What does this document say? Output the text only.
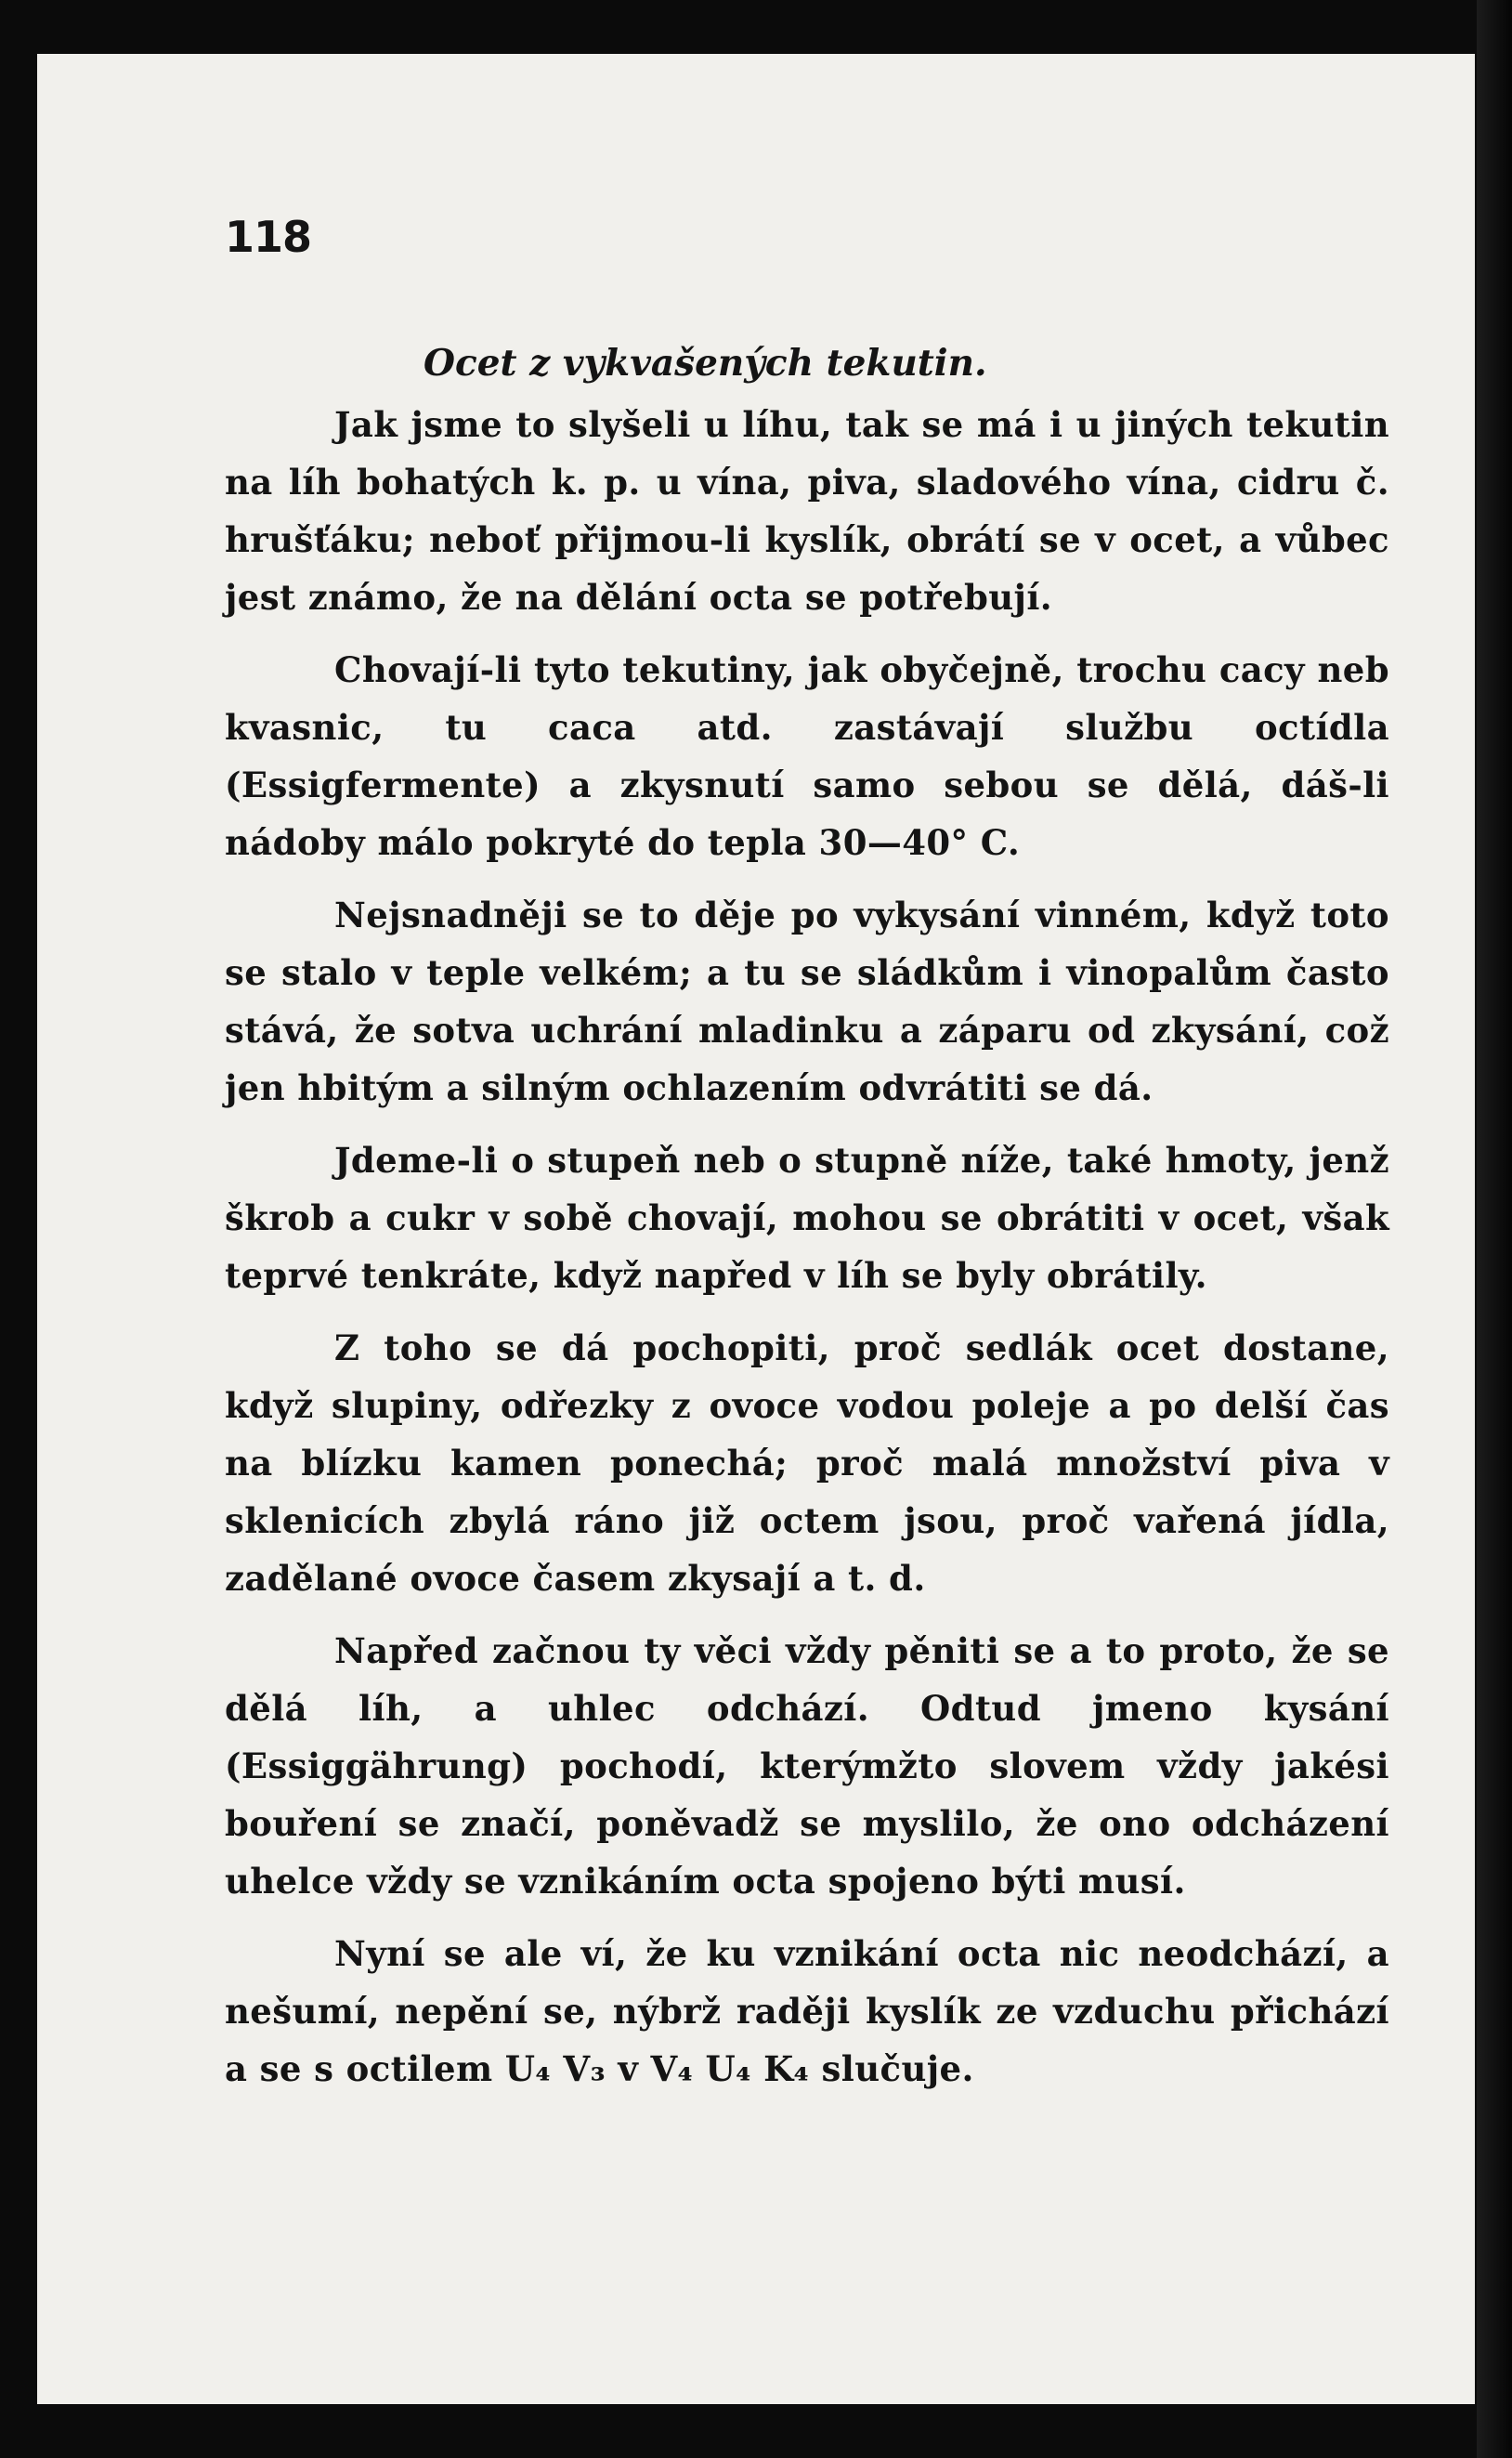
118
Ocet z vykvašených tekutin.

Jak jsme to slyšeli u líhu, tak se má i u jiných tekutin na líh bohatých k. p. u vína, piva, sladového vína, cidru č. hrušťáku; neboť přijmou-li kyslík, obrátí se v ocet, a vůbec jest známo, že na dělání octa se potřebují.

Chovají-li tyto tekutiny, jak obyčejně, trochu cacy neb kvasnic, tu caca atd. zastávají službu octídla (Essigfermente) a zkysnutí samo sebou se dělá, dáš-li nádoby málo pokryté do tepla 30—40° C.

Nejsnadněji se to děje po vykysání vinném, když toto se stalo v teple velkém; a tu se sládkům i vinopalům často stává, že sotva uchrání mladinku a záparu od zkysání, což jen hbitým a silným ochlazením odvrátiti se dá.

Jdeme-li o stupeň neb o stupně níže, také hmoty, jenž škrob a cukr v sobě chovají, mohou se obrátiti v ocet, však teprvé tenkráte, když napřed v líh se byly obrátily.

Z toho se dá pochopiti, proč sedlák ocet dostane, když slupiny, odřezky z ovoce vodou poleje a po delší čas na blízku kamen ponechá; proč malá množství piva v sklenicích zbylá ráno již octem jsou, proč vařená jídla, zadělané ovoce časem zkysají a t. d.

Napřed začnou ty věci vždy pěniti se a to proto, že se dělá líh, a uhlec odchází. Odtud jmeno kysání (Essiggährung) pochodí, kterýmžto slovem vždy jakési bouření se značí, poněvadž se myslilo, že ono odcházení uhelce vždy se vznikáním octa spojeno býti musí.

Nyní se ale ví, že ku vznikání octa nic neodchází, a nešumí, nepění se, nýbrž raději kyslík ze vzduchu přichází a se s octilem U₄ V₃ v V₄ U₄ K₄ slučuje.
